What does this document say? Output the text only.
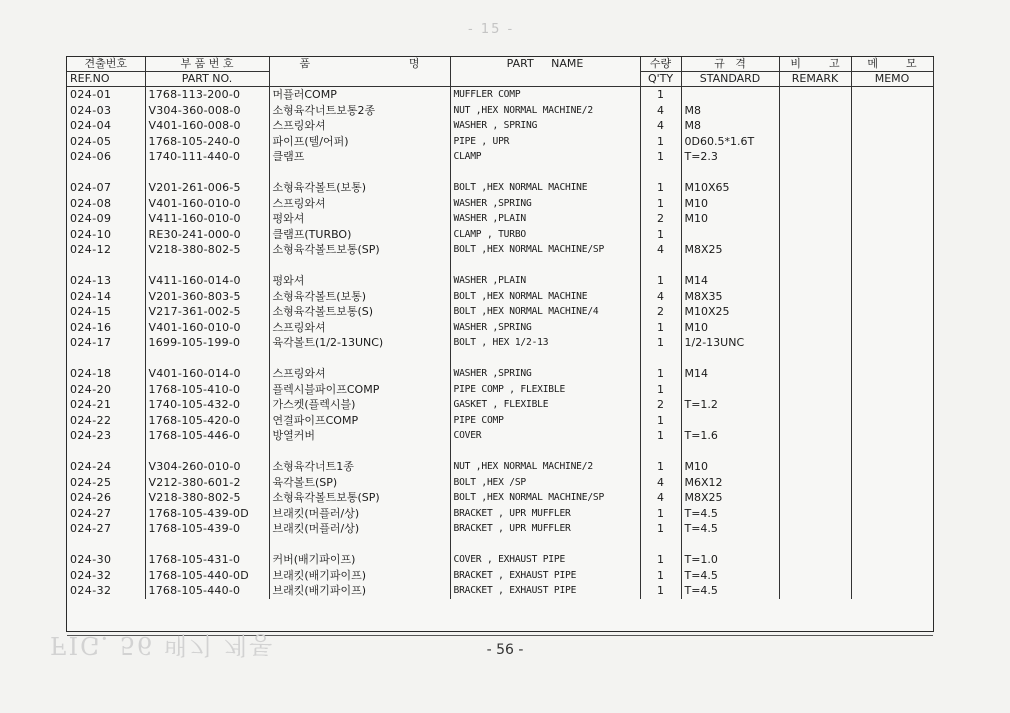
- 15 -
견출번호	부 품 번 호	품 명	PART     NAME	수량	규   격	비        고	메        모
REF.NO	PART NO.			Q'TY	STANDARD	REMARK	MEMO
024-01	1768-113-200-0	머플러COMP	MUFFLER COMP	1			
024-03	V304-360-008-0	소형육각너트보통2종	NUT ,HEX NORMAL MACHINE/2	4	M8		
024-04	V401-160-008-0	스프링와셔	WASHER , SPRING	4	M8		
024-05	1768-105-240-0	파이프(텔/어퍼)	PIPE , UPR	1	0D60.5*1.6T		
024-06	1740-111-440-0	클램프	CLAMP	1	T=2.3		

024-07	V201-261-006-5	소형육각볼트(보통)	BOLT ,HEX NORMAL MACHINE	1	M10X65		
024-08	V401-160-010-0	스프링와셔	WASHER ,SPRING	1	M10		
024-09	V411-160-010-0	평와셔	WASHER ,PLAIN	2	M10		
024-10	RE30-241-000-0	클램프(TURBO)	CLAMP , TURBO	1			
024-12	V218-380-802-5	소형육각볼트보통(SP)	BOLT ,HEX NORMAL MACHINE/SP	4	M8X25		

024-13	V411-160-014-0	평와셔	WASHER ,PLAIN	1	M14		
024-14	V201-360-803-5	소형육각볼트(보통)	BOLT ,HEX NORMAL MACHINE	4	M8X35		
024-15	V217-361-002-5	소형육각볼트보통(S)	BOLT ,HEX NORMAL MACHINE/4	2	M10X25		
024-16	V401-160-010-0	스프링와셔	WASHER ,SPRING	1	M10		
024-17	1699-105-199-0	육각볼트(1/2-13UNC)	BOLT , HEX 1/2-13	1	1/2-13UNC		

024-18	V401-160-014-0	스프링와셔	WASHER ,SPRING	1	M14		
024-20	1768-105-410-0	플렉시블파이프COMP	PIPE COMP , FLEXIBLE	1			
024-21	1740-105-432-0	가스켓(플렉시블)	GASKET , FLEXIBLE	2	T=1.2		
024-22	1768-105-420-0	연결파이프COMP	PIPE COMP	1			
024-23	1768-105-446-0	방열커버	COVER	1	T=1.6		

024-24	V304-260-010-0	소형육각너트1종	NUT ,HEX NORMAL MACHINE/2	1	M10		
024-25	V212-380-601-2	육각볼트(SP)	BOLT ,HEX /SP	4	M6X12		
024-26	V218-380-802-5	소형육각볼트보통(SP)	BOLT ,HEX NORMAL MACHINE/SP	4	M8X25		
024-27	1768-105-439-0D	브래킷(머플러/상)	BRACKET , UPR MUFFLER	1	T=4.5		
024-27	1768-105-439-0	브래킷(머플러/상)	BRACKET , UPR MUFFLER	1	T=4.5		

024-30	1768-105-431-0	커버(배기파이프)	COVER , EXHAUST PIPE	1	T=1.0		
024-32	1768-105-440-0D	브래킷(배기파이프)	BRACKET , EXHAUST PIPE	1	T=4.5		
024-32	1768-105-440-0	브래킷(배기파이프)	BRACKET , EXHAUST PIPE	1	T=4.5		
- 56 -
FIG. 56 배기 계통
